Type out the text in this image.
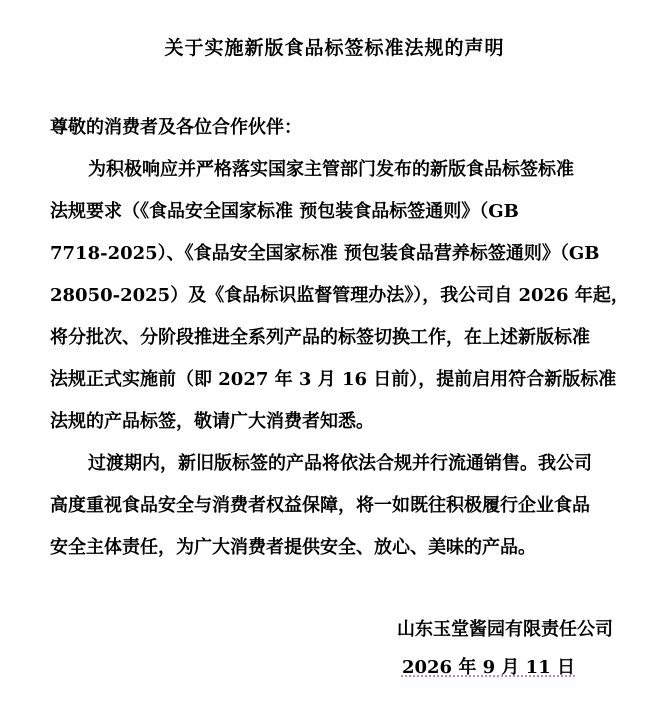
关于实施新版食品标签标准法规的声明
尊敬的消费者及各位合作伙伴：
为积极响应并严格落实国家主管部门发布的新版食品标签标准
法规要求（《食品安全国家标准 预包装食品标签通则》（GB
7718-2025）、《食品安全国家标准 预包装食品营养标签通则》（GB
28050-2025）及《食品标识监督管理办法》），我公司自 2026 年起，
将分批次、分阶段推进全系列产品的标签切换工作，在上述新版标准
法规正式实施前（即 2027 年 3 月 16 日前），提前启用符合新版标准
法规的产品标签，敬请广大消费者知悉。
过渡期内，新旧版标签的产品将依法合规并行流通销售。我公司
高度重视食品安全与消费者权益保障，将一如既往积极履行企业食品
安全主体责任，为广大消费者提供安全、放心、美味的产品。
山东玉堂酱园有限责任公司
2026 年 9 月 11 日
